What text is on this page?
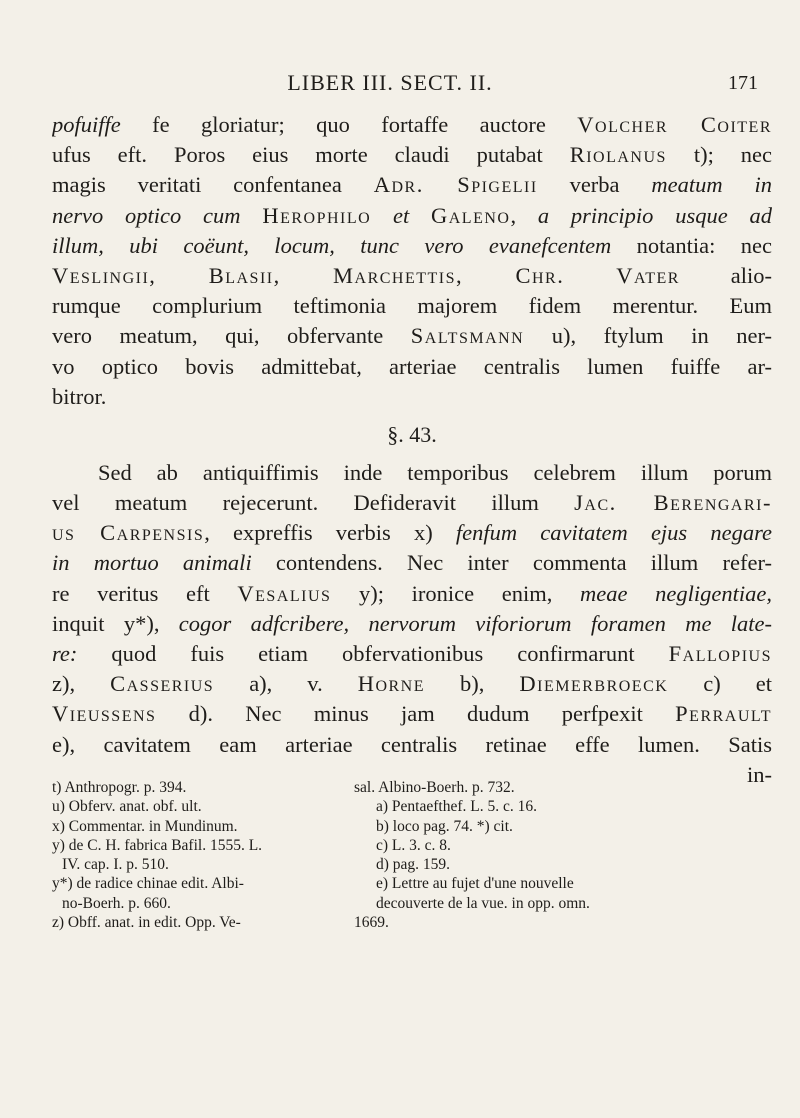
LIBER III. SECT. II.	171
pofuiffe fe gloriatur; quo fortaffe auctore Volcher Coiter
ufus eft. Poros eius morte claudi putabat Riolanus t); nec
magis veritati confentanea Adr. Spigelii verba meatum in
nervo optico cum Herophilo et Galeno, a principio usque ad
illum, ubi coëunt, locum, tunc vero evanefcentem notantia: nec
Veslingii, Blasii, Marchettis, Chr. Vater alio-
rumque complurium teftimonia majorem fidem merentur. Eum
vero meatum, qui, obfervante Saltsmann u), ftylum in ner-
vo optico bovis admittebat, arteriae centralis lumen fuiffe ar-
bitror.
§. 43.
Sed ab antiquiffimis inde temporibus celebrem illum porum
vel meatum rejecerunt. Defideravit illum Jac. Berengari-
us Carpensis, expreffis verbis x) fenfum cavitatem ejus negare
in mortuo animali contendens. Nec inter commenta illum refer-
re veritus eft Vesalius y); ironice enim, meae negligentiae,
inquit y*), cogor adfcribere, nervorum viforiorum foramen me late-
re: quod fuis etiam obfervationibus confirmarunt Fallopius
z), Casserius a), v. Horne b), Diemerbroeck c) et
Vieussens d). Nec minus jam dudum perfpexit Perrault
e), cavitatem eam arteriae centralis retinae effe lumen. Satis
in-
t) Anthropogr. p. 394.
u) Obferv. anat. obf. ult.
x) Commentar. in Mundinum.
y) de C. H. fabrica Bafil. 1555. L.
IV. cap. I. p. 510.
y*) de radice chinae edit. Albi-
no-Boerh. p. 660.
z) Obff. anat. in edit. Opp. Ve-
sal. Albino-Boerh. p. 732.
a) Pentaefthef. L. 5. c. 16.
b) loco pag. 74. *) cit.
c) L. 3. c. 8.
d) pag. 159.
e) Lettre au fujet d'une nouvelle
decouverte de la vue. in opp. omn.
1669.
